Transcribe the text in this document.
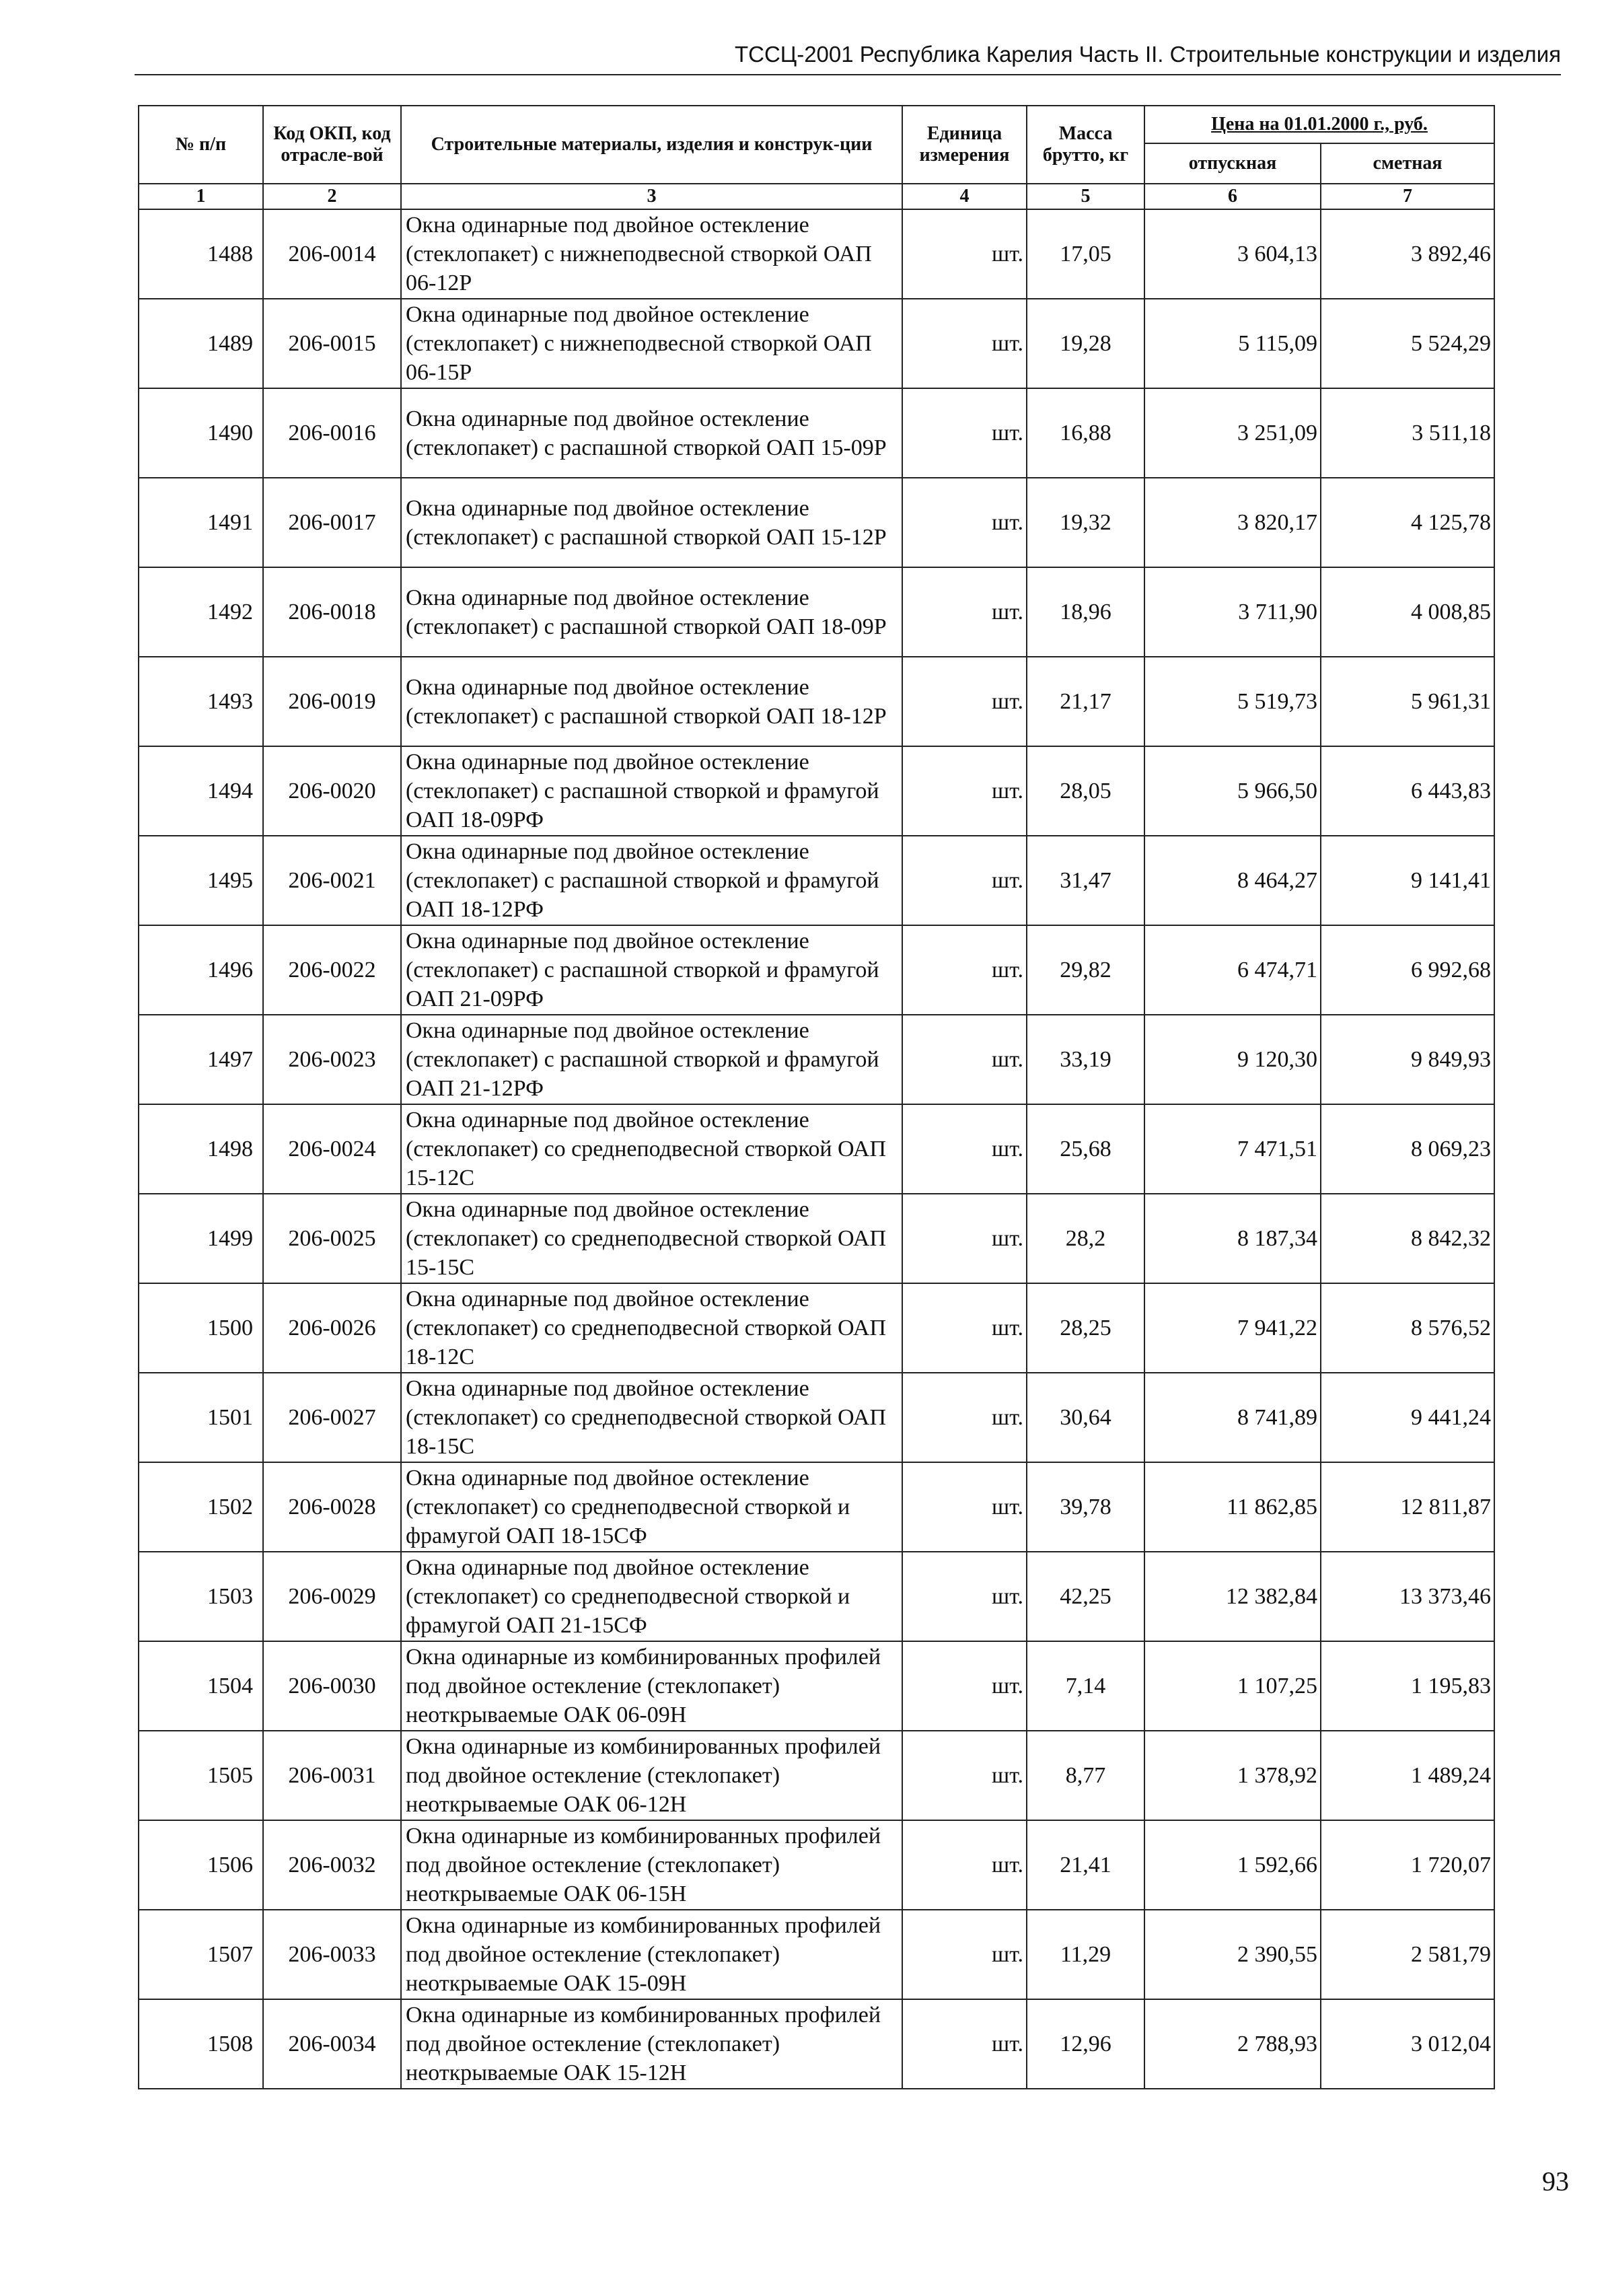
ТССЦ-2001 Республика Карелия Часть II. Строительные конструкции и изделия
№ п/п	Код ОКП, код отрасле-вой	Строительные материалы, изделия и конструк-ции	Единица измерения	Масса брутто, кг	Цена на 01.01.2000 г., руб.	
					отпускная	сметная
1	2	3	4	5	6	7
1488	206-0014	Окна одинарные под двойное остекление (стеклопакет) с нижнеподвесной створкой ОАП 06-12Р	шт.	17,05	3 604,13	3 892,46
1489	206-0015	Окна одинарные под двойное остекление (стеклопакет) с нижнеподвесной створкой ОАП 06-15Р	шт.	19,28	5 115,09	5 524,29
1490	206-0016	Окна одинарные под двойное остекление (стеклопакет) с распашной створкой ОАП 15-09Р	шт.	16,88	3 251,09	3 511,18
1491	206-0017	Окна одинарные под двойное остекление (стеклопакет) с распашной створкой ОАП 15-12Р	шт.	19,32	3 820,17	4 125,78
1492	206-0018	Окна одинарные под двойное остекление (стеклопакет) с распашной створкой ОАП 18-09Р	шт.	18,96	3 711,90	4 008,85
1493	206-0019	Окна одинарные под двойное остекление (стеклопакет) с распашной створкой ОАП 18-12Р	шт.	21,17	5 519,73	5 961,31
1494	206-0020	Окна одинарные под двойное остекление (стеклопакет) с распашной створкой и фрамугой ОАП 18-09РФ	шт.	28,05	5 966,50	6 443,83
1495	206-0021	Окна одинарные под двойное остекление (стеклопакет) с распашной створкой и фрамугой ОАП 18-12РФ	шт.	31,47	8 464,27	9 141,41
1496	206-0022	Окна одинарные под двойное остекление (стеклопакет) с распашной створкой и фрамугой ОАП 21-09РФ	шт.	29,82	6 474,71	6 992,68
1497	206-0023	Окна одинарные под двойное остекление (стеклопакет) с распашной створкой и фрамугой ОАП 21-12РФ	шт.	33,19	9 120,30	9 849,93
1498	206-0024	Окна одинарные под двойное остекление (стеклопакет) со среднеподвесной створкой ОАП 15-12С	шт.	25,68	7 471,51	8 069,23
1499	206-0025	Окна одинарные под двойное остекление (стеклопакет) со среднеподвесной створкой ОАП 15-15С	шт.	28,2	8 187,34	8 842,32
1500	206-0026	Окна одинарные под двойное остекление (стеклопакет) со среднеподвесной створкой ОАП 18-12С	шт.	28,25	7 941,22	8 576,52
1501	206-0027	Окна одинарные под двойное остекление (стеклопакет) со среднеподвесной створкой ОАП 18-15С	шт.	30,64	8 741,89	9 441,24
1502	206-0028	Окна одинарные под двойное остекление (стеклопакет) со среднеподвесной створкой и фрамугой ОАП 18-15СФ	шт.	39,78	11 862,85	12 811,87
1503	206-0029	Окна одинарные под двойное остекление (стеклопакет) со среднеподвесной створкой и фрамугой ОАП 21-15СФ	шт.	42,25	12 382,84	13 373,46
1504	206-0030	Окна одинарные из комбинированных профилей под двойное остекление (стеклопакет) неоткрываемые ОАК 06-09Н	шт.	7,14	1 107,25	1 195,83
1505	206-0031	Окна одинарные из комбинированных профилей под двойное остекление (стеклопакет) неоткрываемые ОАК 06-12Н	шт.	8,77	1 378,92	1 489,24
1506	206-0032	Окна одинарные из комбинированных профилей под двойное остекление (стеклопакет) неоткрываемые ОАК 06-15Н	шт.	21,41	1 592,66	1 720,07
1507	206-0033	Окна одинарные из комбинированных профилей под двойное остекление (стеклопакет) неоткрываемые ОАК 15-09Н	шт.	11,29	2 390,55	2 581,79
1508	206-0034	Окна одинарные из комбинированных профилей под двойное остекление (стеклопакет) неоткрываемые ОАК 15-12Н	шт.	12,96	2 788,93	3 012,04
93
